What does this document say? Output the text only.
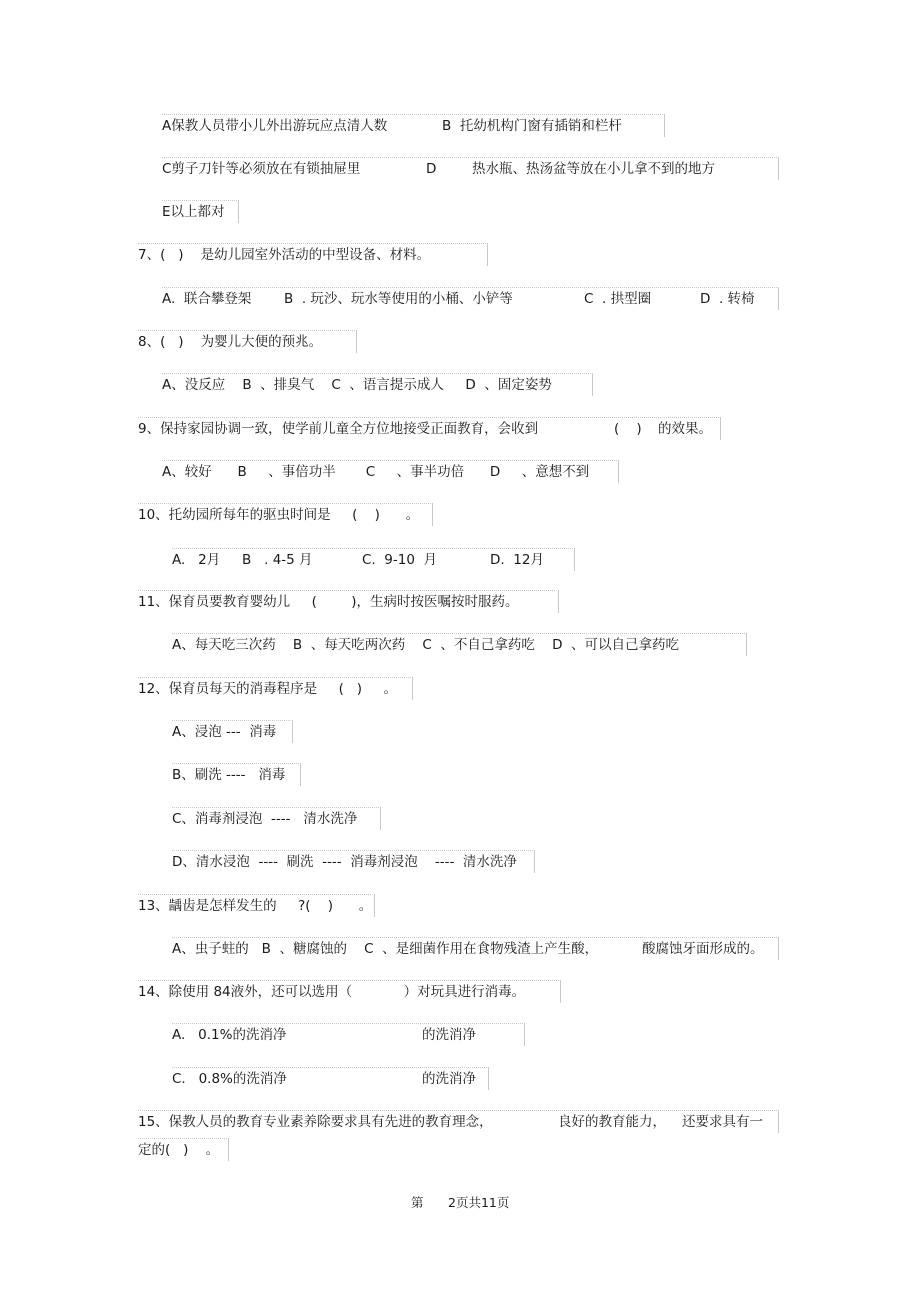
A保教人员带小儿外出游玩应点清人数

	B  托幼机构门窗有插销和栏杆

C剪子刀针等必须放在有锁抽屉里

	D

	热水瓶、热汤盆等放在小儿拿不到的地方

E以上都对

7、(   )    是幼儿园室外活动的中型设备、材料。

A.  联合攀登架

B  . 玩沙、玩水等使用的小桶、小铲等

	C  . 拱型圈

	D  . 转椅

8、(   )    为婴儿大便的预兆。

A、没反应    B  、排臭气    C  、语言提示成人     D  、固定姿势

9、保持家园协调一致，使学前儿童全方位地接受正面教育，会收到

	(    )

的效果。

A、较好      B     、事倍功半       C     、事半功倍      D     、意想不到

10、托幼园所每年的驱虫时间是     (    )      。

A.   2月

B   . 4-5 月

	C.  9-10  月

	D.  12月

11、保育员要教育婴幼儿     (        )，生病时按医嘱按时服药。

A、每天吃三次药    B  、每天吃两次药    C  、不自己拿药吃    D  、可以自己拿药吃

12、保育员每天的消毒程序是     (   )     。

A、浸泡 ---  消毒

B、刷洗 ----   消毒

C、消毒剂浸泡  ----   清水洗净

D、清水浸泡  ----  刷洗  ----  消毒剂浸泡    ----  清水洗净

13、龋齿是怎样发生的     ?(    )      。

A、虫子蛀的   B  、糖腐蚀的    C  、是细菌作用在食物残渣上产生酸，

	酸腐蚀牙面形成的。

14、除使用 84液外，还可以选用（            ）对玩具进行消毒。

A.   0.1%的洗消净

	的洗消净

C.   0.8%的洗消净

	的洗消净

15、保教人员的教育专业素养除要求具有先进的教育理念，

	良好的教育能力，

还要求具有一

定的(   )    。

第 2页共11页
